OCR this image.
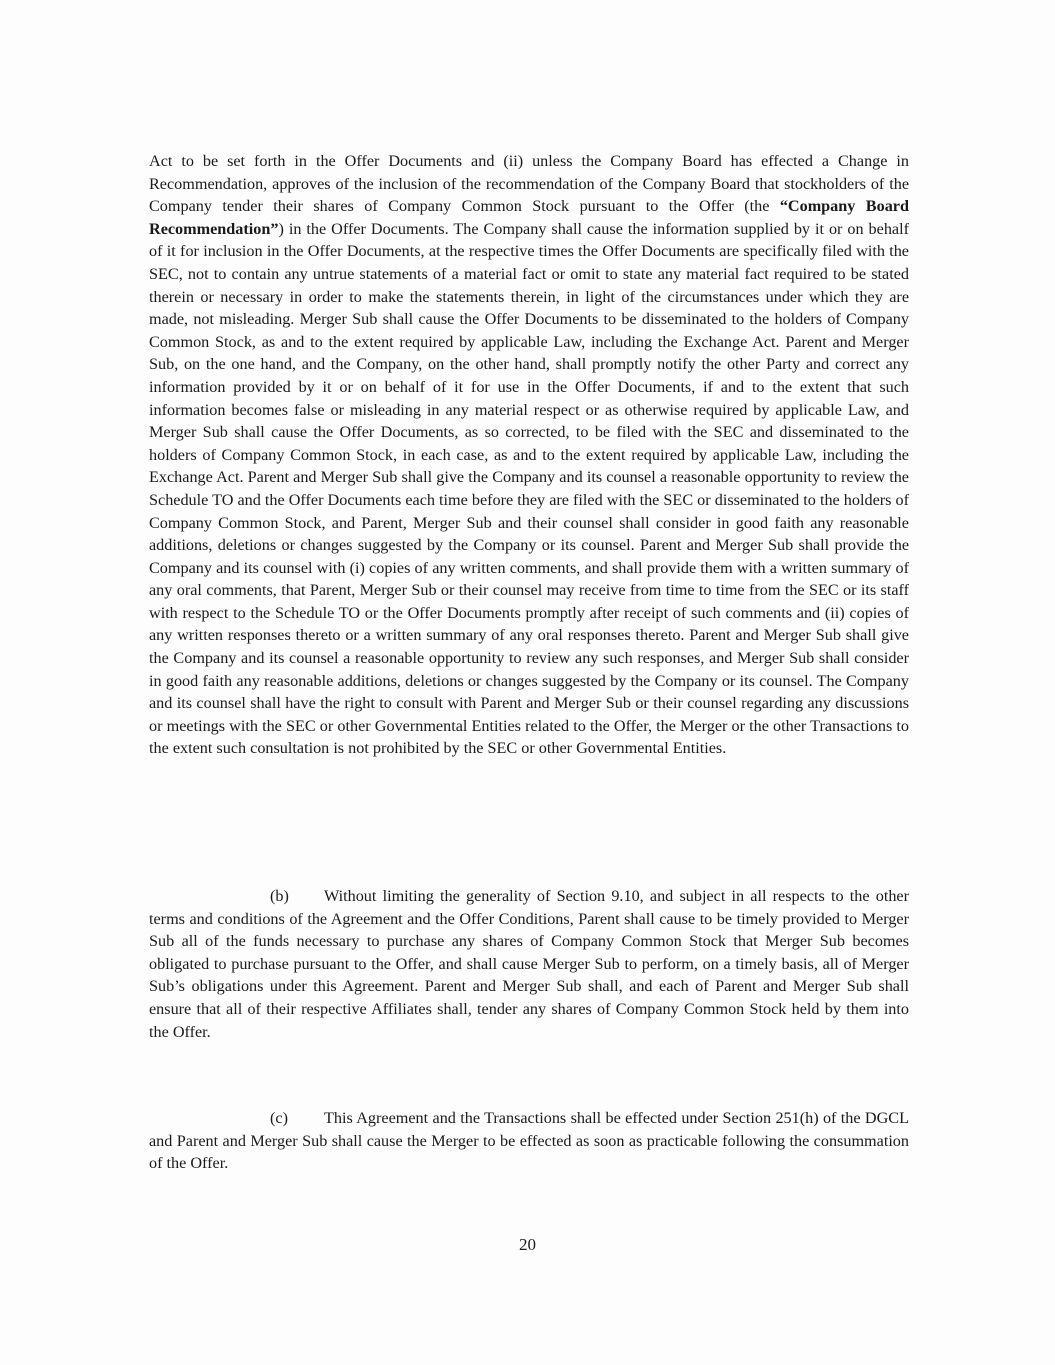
Act to be set forth in the Offer Documents and (ii) unless the Company Board has effected a Change in Recommendation, approves of the inclusion of the recommendation of the Company Board that stockholders of the Company tender their shares of Company Common Stock pursuant to the Offer (the “Company Board Recommendation”) in the Offer Documents. The Company shall cause the information supplied by it or on behalf of it for inclusion in the Offer Documents, at the respective times the Offer Documents are specifically filed with the SEC, not to contain any untrue statements of a material fact or omit to state any material fact required to be stated therein or necessary in order to make the statements therein, in light of the circumstances under which they are made, not misleading. Merger Sub shall cause the Offer Documents to be disseminated to the holders of Company Common Stock, as and to the extent required by applicable Law, including the Exchange Act. Parent and Merger Sub, on the one hand, and the Company, on the other hand, shall promptly notify the other Party and correct any information provided by it or on behalf of it for use in the Offer Documents, if and to the extent that such information becomes false or misleading in any material respect or as otherwise required by applicable Law, and Merger Sub shall cause the Offer Documents, as so corrected, to be filed with the SEC and disseminated to the holders of Company Common Stock, in each case, as and to the extent required by applicable Law, including the Exchange Act. Parent and Merger Sub shall give the Company and its counsel a reasonable opportunity to review the Schedule TO and the Offer Documents each time before they are filed with the SEC or disseminated to the holders of Company Common Stock, and Parent, Merger Sub and their counsel shall consider in good faith any reasonable additions, deletions or changes suggested by the Company or its counsel. Parent and Merger Sub shall provide the Company and its counsel with (i) copies of any written comments, and shall provide them with a written summary of any oral comments, that Parent, Merger Sub or their counsel may receive from time to time from the SEC or its staff with respect to the Schedule TO or the Offer Documents promptly after receipt of such comments and (ii) copies of any written responses thereto or a written summary of any oral responses thereto. Parent and Merger Sub shall give the Company and its counsel a reasonable opportunity to review any such responses, and Merger Sub shall consider in good faith any reasonable additions, deletions or changes suggested by the Company or its counsel. The Company and its counsel shall have the right to consult with Parent and Merger Sub or their counsel regarding any discussions or meetings with the SEC or other Governmental Entities related to the Offer, the Merger or the other Transactions to the extent such consultation is not prohibited by the SEC or other Governmental Entities.

(b) Without limiting the generality of Section 9.10, and subject in all respects to the other terms and conditions of the Agreement and the Offer Conditions, Parent shall cause to be timely provided to Merger Sub all of the funds necessary to purchase any shares of Company Common Stock that Merger Sub becomes obligated to purchase pursuant to the Offer, and shall cause Merger Sub to perform, on a timely basis, all of Merger Sub’s obligations under this Agreement. Parent and Merger Sub shall, and each of Parent and Merger Sub shall ensure that all of their respective Affiliates shall, tender any shares of Company Common Stock held by them into the Offer.

(c) This Agreement and the Transactions shall be effected under Section 251(h) of the DGCL and Parent and Merger Sub shall cause the Merger to be effected as soon as practicable following the consummation of the Offer.

20
